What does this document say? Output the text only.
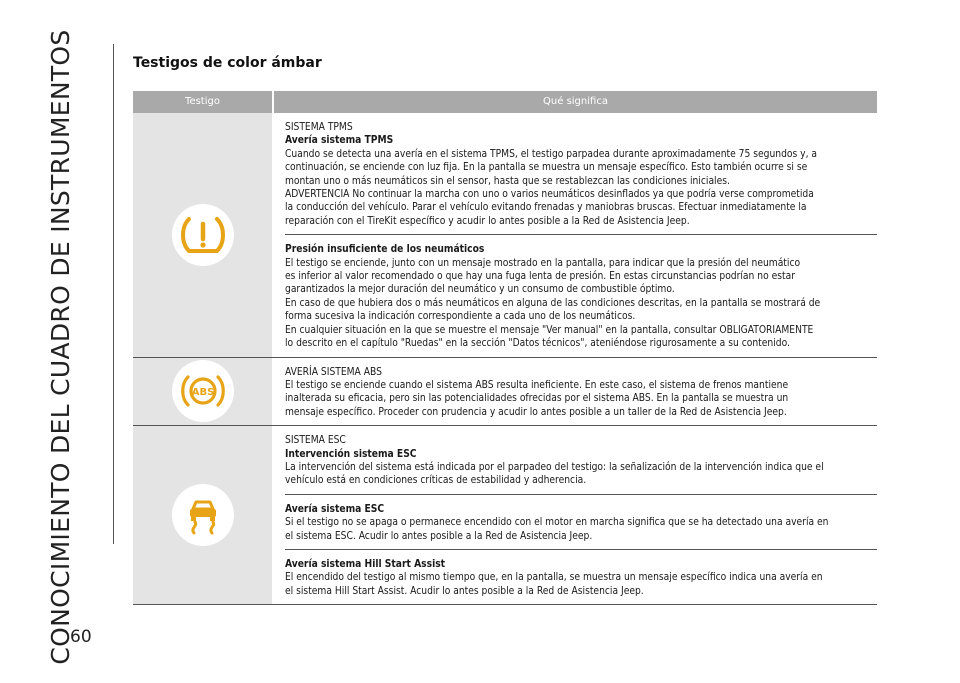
CONOCIMIENTO DEL CUADRO DE INSTRUMENTOS
60
Testigos de color ámbar
Testigo	Qué significa

SISTEMA TPMS

Avería sistema TPMS

Cuando se detecta una avería en el sistema TPMS, el testigo parpadea durante aproximadamente 75 segundos y, a

continuación, se enciende con luz fija. En la pantalla se muestra un mensaje específico. Esto también ocurre si se

montan uno o más neumáticos sin el sensor, hasta que se restablezcan las condiciones iniciales.

ADVERTENCIA No continuar la marcha con uno o varios neumáticos desinflados ya que podría verse comprometida

la conducción del vehículo. Parar el vehículo evitando frenadas y maniobras bruscas. Efectuar inmediatamente la

reparación con el TireKit específico y acudir lo antes posible a la Red de Asistencia Jeep.

Presión insuficiente de los neumáticos

El testigo se enciende, junto con un mensaje mostrado en la pantalla, para indicar que la presión del neumático

es inferior al valor recomendado o que hay una fuga lenta de presión. En estas circunstancias podrían no estar

garantizados la mejor duración del neumático y un consumo de combustible óptimo.

En caso de que hubiera dos o más neumáticos en alguna de las condiciones descritas, en la pantalla se mostrará de

forma sucesiva la indicación correspondiente a cada uno de los neumáticos.

En cualquier situación en la que se muestre el mensaje "Ver manual" en la pantalla, consultar OBLIGATORIAMENTE

lo descrito en el capítulo "Ruedas" en la sección "Datos técnicos", ateniéndose rigurosamente a su contenido.

ABS

AVERÍA SISTEMA ABS

El testigo se enciende cuando el sistema ABS resulta ineficiente. En este caso, el sistema de frenos mantiene

inalterada su eficacia, pero sin las potencialidades ofrecidas por el sistema ABS. En la pantalla se muestra un

mensaje específico. Proceder con prudencia y acudir lo antes posible a un taller de la Red de Asistencia Jeep.

SISTEMA ESC

Intervención sistema ESC

La intervención del sistema está indicada por el parpadeo del testigo: la señalización de la intervención indica que el

vehículo está en condiciones críticas de estabilidad y adherencia.

Avería sistema ESC

Si el testigo no se apaga o permanece encendido con el motor en marcha significa que se ha detectado una avería en

el sistema ESC. Acudir lo antes posible a la Red de Asistencia Jeep.

Avería sistema Hill Start Assist

El encendido del testigo al mismo tiempo que, en la pantalla, se muestra un mensaje específico indica una avería en

el sistema Hill Start Assist. Acudir lo antes posible a la Red de Asistencia Jeep.
